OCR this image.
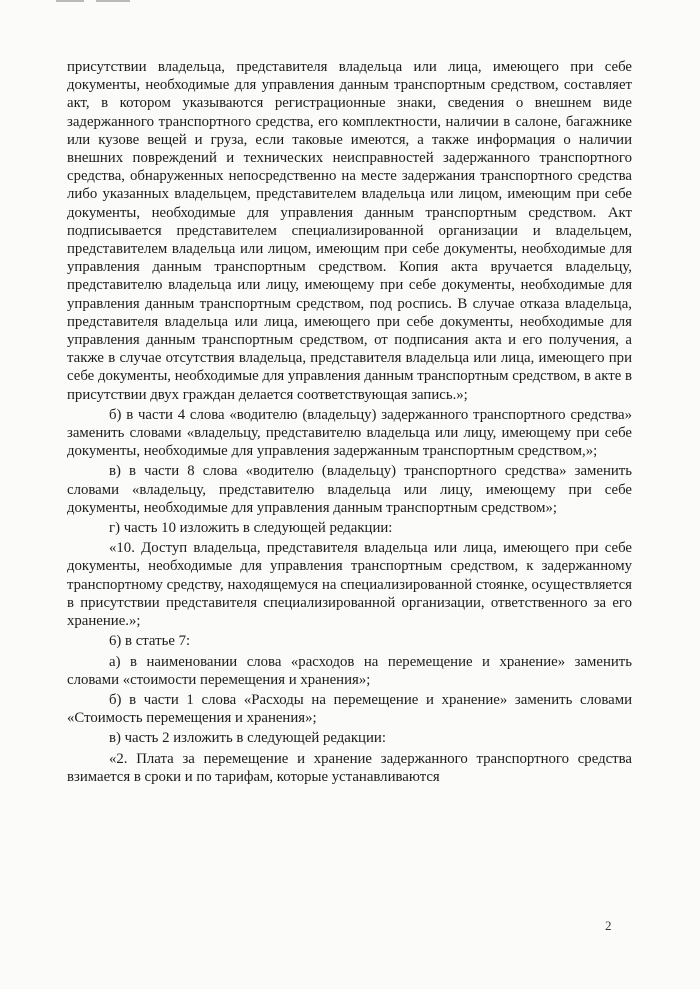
присутствии владельца, представителя владельца или лица, имеющего при себе документы, необходимые для управления данным транспортным средством, составляет акт, в котором указываются регистрационные знаки, сведения о внешнем виде задержанного транспортного средства, его комплектности, наличии в салоне, багажнике или кузове вещей и груза, если таковые имеются, а также информация о наличии внешних повреждений и технических неисправностей задержанного транспортного средства, обнаруженных непосредственно на месте задержания транспортного средства либо указанных владельцем, представителем владельца или лицом, имеющим при себе документы, необходимые для управления данным транспортным средством. Акт подписывается представителем специализированной организации и владельцем, представителем владельца или лицом, имеющим при себе документы, необходимые для управления данным транспортным средством. Копия акта вручается владельцу, представителю владельца или лицу, имеющему при себе документы, необходимые для управления данным транспортным средством, под роспись. В случае отказа владельца, представителя владельца или лица, имеющего при себе документы, необходимые для управления данным транспортным средством, от подписания акта и его получения, а также в случае отсутствия владельца, представителя владельца или лица, имеющего при себе документы, необходимые для управления данным транспортным средством, в акте в присутствии двух граждан делается соответствующая запись.»;

б) в части 4 слова «водителю (владельцу) задержанного транспортного средства» заменить словами «владельцу, представителю владельца или лицу, имеющему при себе документы, необходимые для управления задержанным транспортным средством,»;

в) в части 8 слова «водителю (владельцу) транспортного средства» заменить словами «владельцу, представителю владельца или лицу, имеющему при себе документы, необходимые для управления данным транспортным средством»;

г) часть 10 изложить в следующей редакции:

«10. Доступ владельца, представителя владельца или лица, имеющего при себе документы, необходимые для управления транспортным средством, к задержанному транспортному средству, находящемуся на специализированной стоянке, осуществляется в присутствии представителя специализированной организации, ответственного за его хранение.»;

6) в статье 7:

а) в наименовании слова «расходов на перемещение и хранение» заменить словами «стоимости перемещения и хранения»;

б) в части 1 слова «Расходы на перемещение и хранение» заменить словами «Стоимость перемещения и хранения»;

в) часть 2 изложить в следующей редакции:

«2. Плата за перемещение и хранение задержанного транспортного средства взимается в сроки и по тарифам, которые устанавливаются

2
